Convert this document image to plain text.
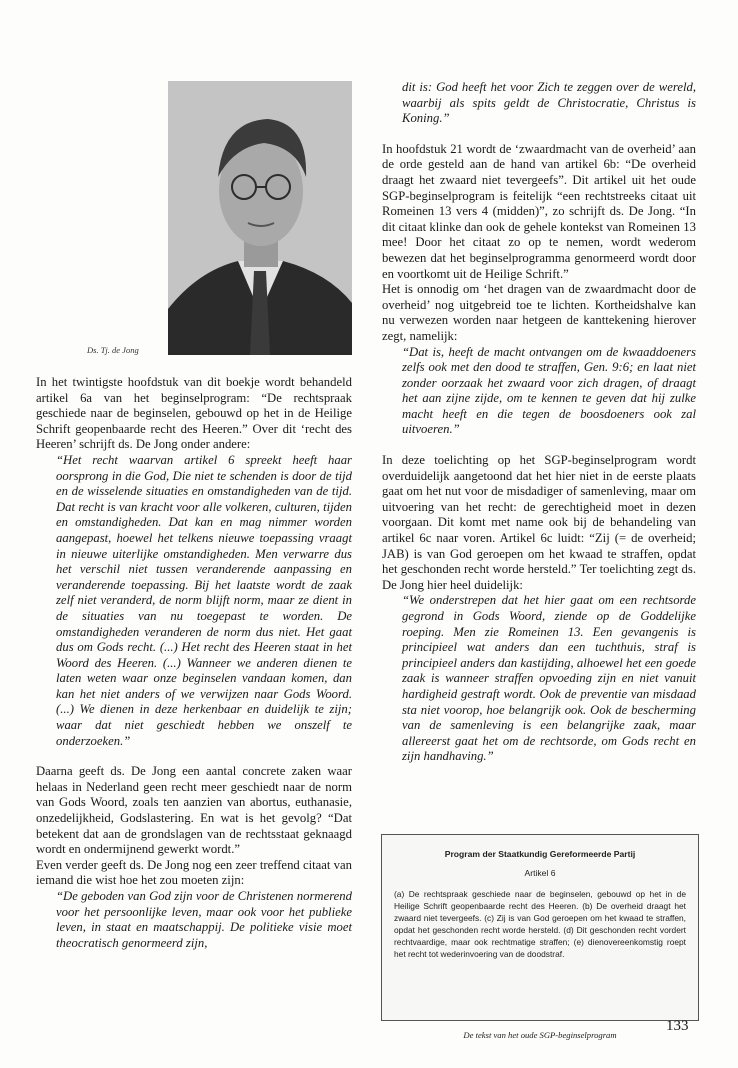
Ds. Tj. de Jong

In het twintigste hoofdstuk van dit boekje wordt behandeld artikel 6a van het beginselprogram: “De rechtspraak geschiede naar de beginselen, gebouwd op het in de Heilige Schrift geopenbaarde recht des Heeren.” Over dit ‘recht des Heeren’ schrijft ds. De Jong onder andere:

“Het recht waarvan artikel 6 spreekt heeft haar oorsprong in die God, Die niet te schenden is door de tijd en de wisselende situaties en omstandigheden van de tijd. Dat recht is van kracht voor alle volkeren, culturen, tijden en omstandigheden. Dat kan en mag nimmer worden aangepast, hoewel het telkens nieuwe toepassing vraagt in nieuwe uiterlijke omstandigheden. Men verwarre dus het verschil niet tussen veranderende aanpassing en veranderende toepassing. Bij het laatste wordt de zaak zelf niet veranderd, de norm blijft norm, maar ze dient in de situaties van nu toegepast te worden. De omstandigheden veranderen de norm dus niet. Het gaat dus om Gods recht. (...) Het recht des Heeren staat in het Woord des Heeren. (...) Wanneer we anderen dienen te laten weten waar onze beginselen vandaan komen, dan kan het niet anders of we verwijzen naar Gods Woord. (...) We dienen in deze herkenbaar en duidelijk te zijn; waar dat niet geschiedt hebben we onszelf te onderzoeken.”

Daarna geeft ds. De Jong een aantal concrete zaken waar helaas in Nederland geen recht meer geschiedt naar de norm van Gods Woord, zoals ten aanzien van abortus, euthanasie, onzedelijkheid, Godslastering. En wat is het gevolg? “Dat betekent dat aan de grondslagen van de rechtsstaat geknaagd wordt en ondermijnend gewerkt wordt.”

Even verder geeft ds. De Jong nog een zeer treffend citaat van iemand die wist hoe het zou moeten zijn:

“De geboden van God zijn voor de Christenen normerend voor het persoonlijke leven, maar ook voor het publieke leven, in staat en maatschappij. De politieke visie moet theocratisch genormeerd zijn,

dit is: God heeft het voor Zich te zeggen over de wereld, waarbij als spits geldt de Christocratie, Christus is Koning.”

In hoofdstuk 21 wordt de ‘zwaardmacht van de overheid’ aan de orde gesteld aan de hand van artikel 6b: “De overheid draagt het zwaard niet tevergeefs”. Dit artikel uit het oude SGP-beginselprogram is feitelijk “een rechtstreeks citaat uit Romeinen 13 vers 4 (midden)”, zo schrijft ds. De Jong. “In dit citaat klinke dan ook de gehele kontekst van Romeinen 13 mee! Door het citaat zo op te nemen, wordt wederom bewezen dat het beginselprogramma genormeerd wordt door en voortkomt uit de Heilige Schrift.”

Het is onnodig om ‘het dragen van de zwaardmacht door de overheid’ nog uitgebreid toe te lichten. Kortheidshalve kan nu verwezen worden naar hetgeen de kanttekening hierover zegt, namelijk:

“Dat is, heeft de macht ontvangen om de kwaaddoeners zelfs ook met den dood te straffen, Gen. 9:6; en laat niet zonder oorzaak het zwaard voor zich dragen, of draagt het aan zijne zijde, om te kennen te geven dat hij zulke macht heeft en die tegen de boosdoeners ook zal uitvoeren.”

In deze toelichting op het SGP-beginselprogram wordt overduidelijk aangetoond dat het hier niet in de eerste plaats gaat om het nut voor de misdadiger of samenleving, maar om uitvoering van het recht: de gerechtigheid moet in dezen voorgaan. Dit komt met name ook bij de behandeling van artikel 6c naar voren. Artikel 6c luidt: “Zij (= de overheid; JAB) is van God geroepen om het kwaad te straffen, opdat het geschonden recht worde hersteld.” Ter toelichting zegt ds. De Jong hier heel duidelijk:

“We onderstrepen dat het hier gaat om een rechtsorde gegrond in Gods Woord, ziende op de Goddelijke roeping. Men zie Romeinen 13. Een gevangenis is principieel wat anders dan een tuchthuis, straf is principieel anders dan kastijding, alhoewel het een goede zaak is wanneer straffen opvoeding zijn en niet vanuit hardigheid gestraft wordt. Ook de preventie van misdaad sta niet voorop, hoe belangrijk ook. Ook de bescherming van de samenleving is een belangrijke zaak, maar allereerst gaat het om de rechtsorde, om Gods recht en zijn handhaving.”

Program der Staatkundig Gereformeerde Partij
Artikel 6
(a) De rechtspraak geschiede naar de beginselen, gebouwd op het in de Heilige Schrift geopenbaarde recht des Heeren. (b) De overheid draagt het zwaard niet tevergeefs. (c) Zij is van God geroepen om het kwaad te straffen, opdat het geschonden recht worde hersteld. (d) Dit geschonden recht vordert rechtvaardige, maar ook rechtmatige straffen; (e) dienovereenkomstig roept het recht tot wederinvoering van de doodstraf.
De tekst van het oude SGP-beginselprogram
133
